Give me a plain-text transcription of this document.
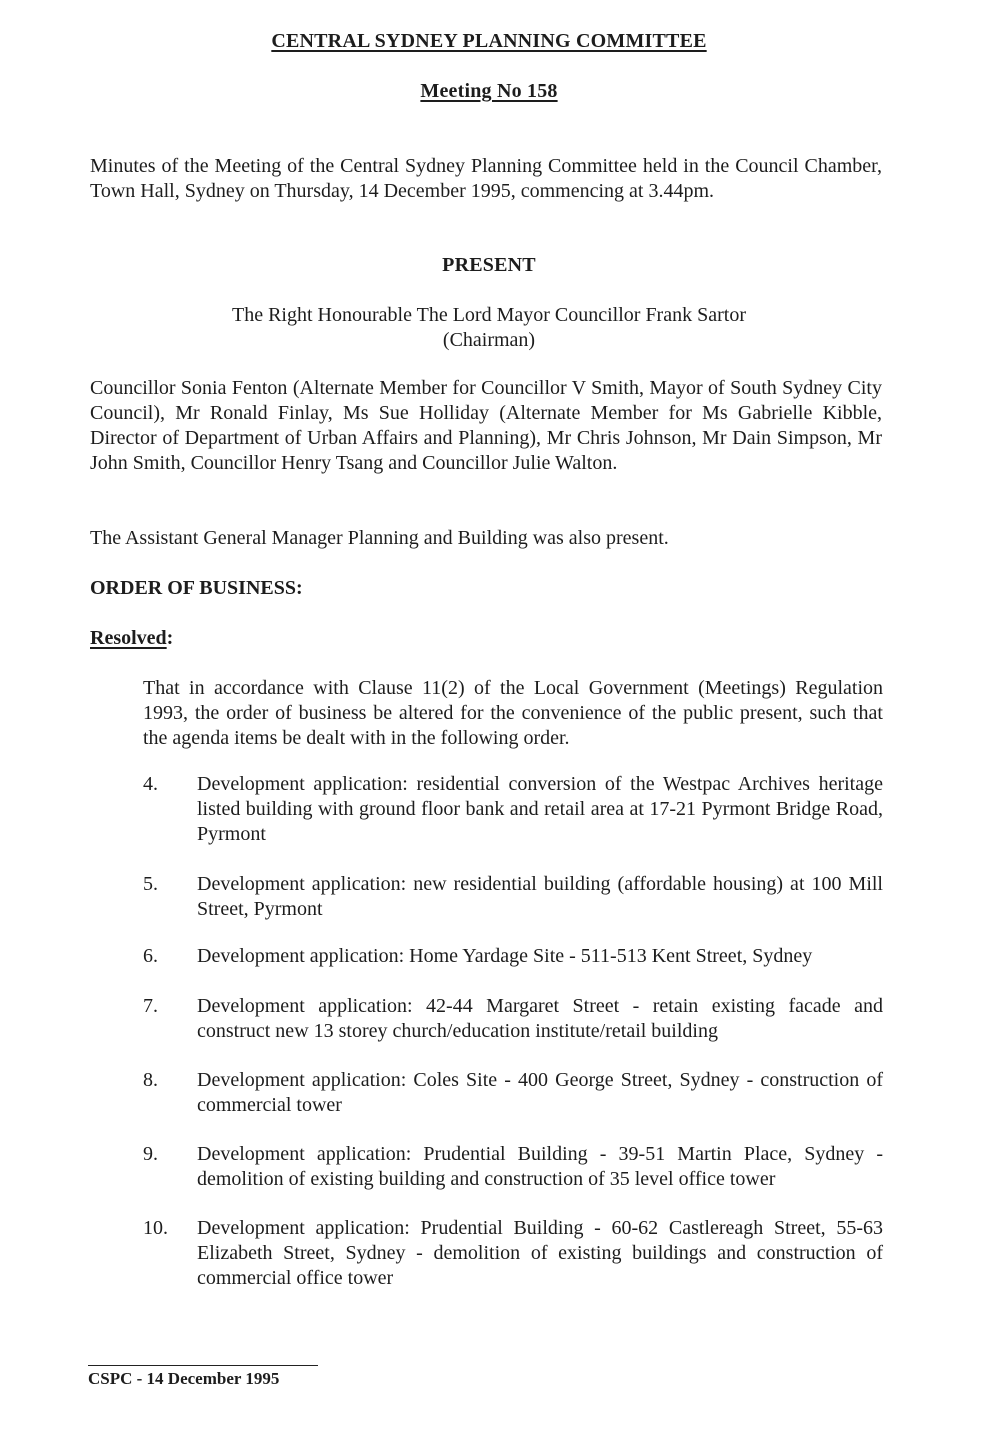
CENTRAL SYDNEY PLANNING COMMITTEE
Meeting No 158
Minutes of the Meeting of the Central Sydney Planning Committee held in the Council Chamber, Town Hall, Sydney on Thursday, 14 December 1995, commencing at 3.44pm.
PRESENT
The Right Honourable The Lord Mayor Councillor Frank Sartor
(Chairman)
Councillor Sonia Fenton (Alternate Member for Councillor V Smith, Mayor of South Sydney City Council), Mr Ronald Finlay, Ms Sue Holliday (Alternate Member for Ms Gabrielle Kibble, Director of Department of Urban Affairs and Planning), Mr Chris Johnson, Mr Dain Simpson, Mr John Smith, Councillor Henry Tsang and Councillor Julie Walton.
The Assistant General Manager Planning and Building was also present.
ORDER OF BUSINESS:
Resolved:
That in accordance with Clause 11(2) of the Local Government (Meetings) Regulation 1993, the order of business be altered for the convenience of the public present, such that the agenda items be dealt with in the following order.
4. Development application: residential conversion of the Westpac Archives heritage listed building with ground floor bank and retail area at 17-21 Pyrmont Bridge Road, Pyrmont
5. Development application: new residential building (affordable housing) at 100 Mill Street, Pyrmont
6. Development application: Home Yardage Site - 511-513 Kent Street, Sydney
7. Development application: 42-44 Margaret Street - retain existing facade and construct new 13 storey church/education institute/retail building
8. Development application: Coles Site - 400 George Street, Sydney - construction of commercial tower
9. Development application: Prudential Building - 39-51 Martin Place, Sydney - demolition of existing building and construction of 35 level office tower
10. Development application: Prudential Building - 60-62 Castlereagh Street, 55-63 Elizabeth Street, Sydney - demolition of existing buildings and construction of commercial office tower
CSPC - 14 December 1995
